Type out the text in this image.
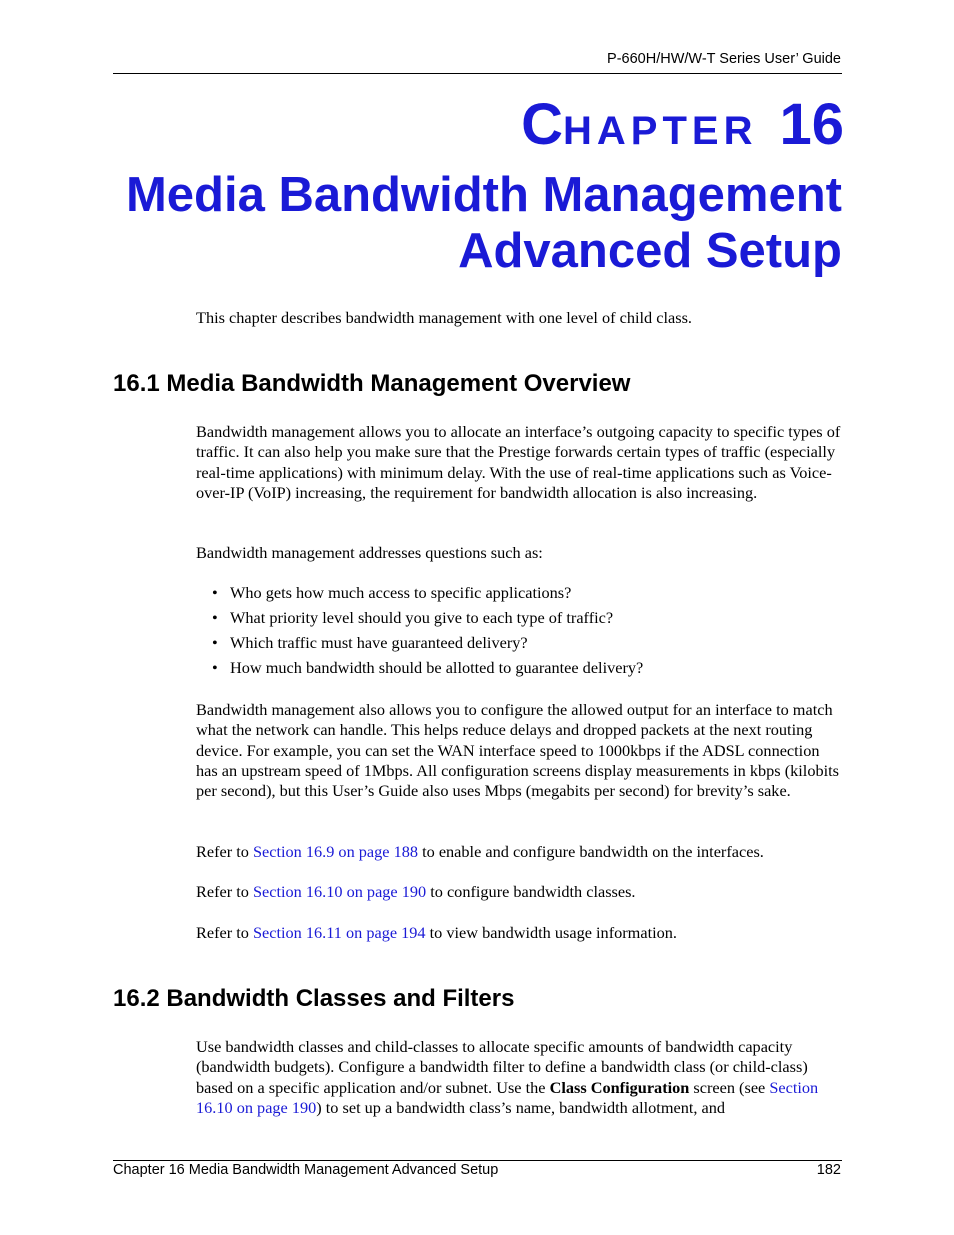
P-660H/HW/W-T Series User’ Guide
CHAPTER 16
Media Bandwidth Management
Advanced Setup
This chapter describes bandwidth management with one level of child class.
16.1 Media Bandwidth Management Overview
Bandwidth management allows you to allocate an interface’s outgoing capacity to specific types of traffic. It can also help you make sure that the Prestige forwards certain types of traffic (especially real-time applications) with minimum delay. With the use of real-time applications such as Voice-over-IP (VoIP) increasing, the requirement for bandwidth allocation is also increasing.
Bandwidth management addresses questions such as:
• Who gets how much access to specific applications?
• What priority level should you give to each type of traffic?
• Which traffic must have guaranteed delivery?
• How much bandwidth should be allotted to guarantee delivery?
Bandwidth management also allows you to configure the allowed output for an interface to match what the network can handle. This helps reduce delays and dropped packets at the next routing device. For example, you can set the WAN interface speed to 1000kbps if the ADSL connection has an upstream speed of 1Mbps. All configuration screens display measurements in kbps (kilobits per second), but this User’s Guide also uses Mbps (megabits per second) for brevity’s sake.
Refer to Section 16.9 on page 188 to enable and configure bandwidth on the interfaces.
Refer to Section 16.10 on page 190 to configure bandwidth classes.
Refer to Section 16.11 on page 194 to view bandwidth usage information.
16.2 Bandwidth Classes and Filters
Use bandwidth classes and child-classes to allocate specific amounts of bandwidth capacity (bandwidth budgets). Configure a bandwidth filter to define a bandwidth class (or child-class) based on a specific application and/or subnet. Use the Class Configuration screen (see Section 16.10 on page 190) to set up a bandwidth class’s name, bandwidth allotment, and
Chapter 16 Media Bandwidth Management Advanced Setup	182
